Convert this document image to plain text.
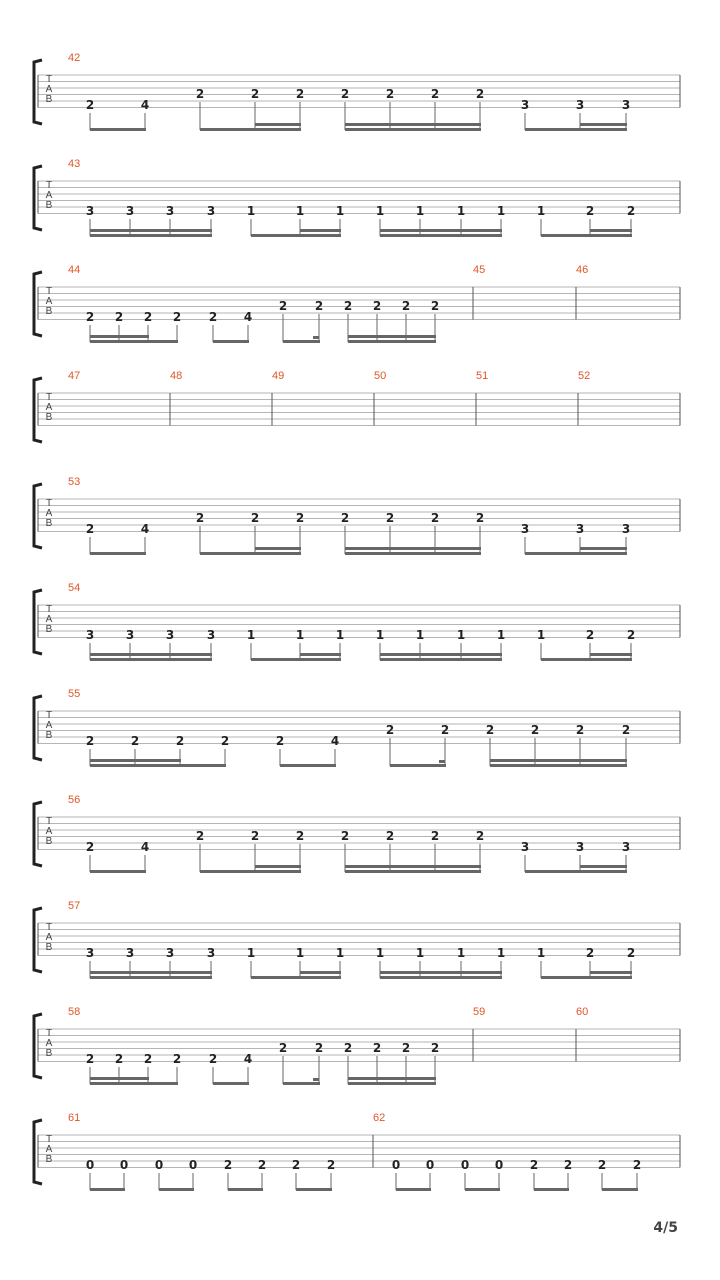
T
A
B
42
2	4
2	2	2	2	2	2	2
3	3	3
T
A
B
43
3	3	3	3	1	1	1	1	1	1	1	1	2	2
T
A
B
44	45	46
2 2 2 2 2 4
2 2 2 2 2 2
T
A
B
47	48	49	50	51	52
T
A
B
53
2	4
2	2	2	2	2	2	2
3	3	3
T
A
B
54
3	3	3	3	1	1	1	1	1	1	1	1	2	2
T
A
B
55
2	2	2	2	2	4
2	2	2	2	2	2
T
A
B
56
2	4
2	2	2	2	2	2	2
3	3	3
T
A
B
57
3	3	3	3	1	1	1	1	1	1	1	1	2	2
T
A
B
58	59	60
2 2 2 2 2 4
2 2 2 2 2 2
T
A
B
61	62
0 0 0 0 2 2 2 2	0 0 0 0 2 2 2 2
4/5
